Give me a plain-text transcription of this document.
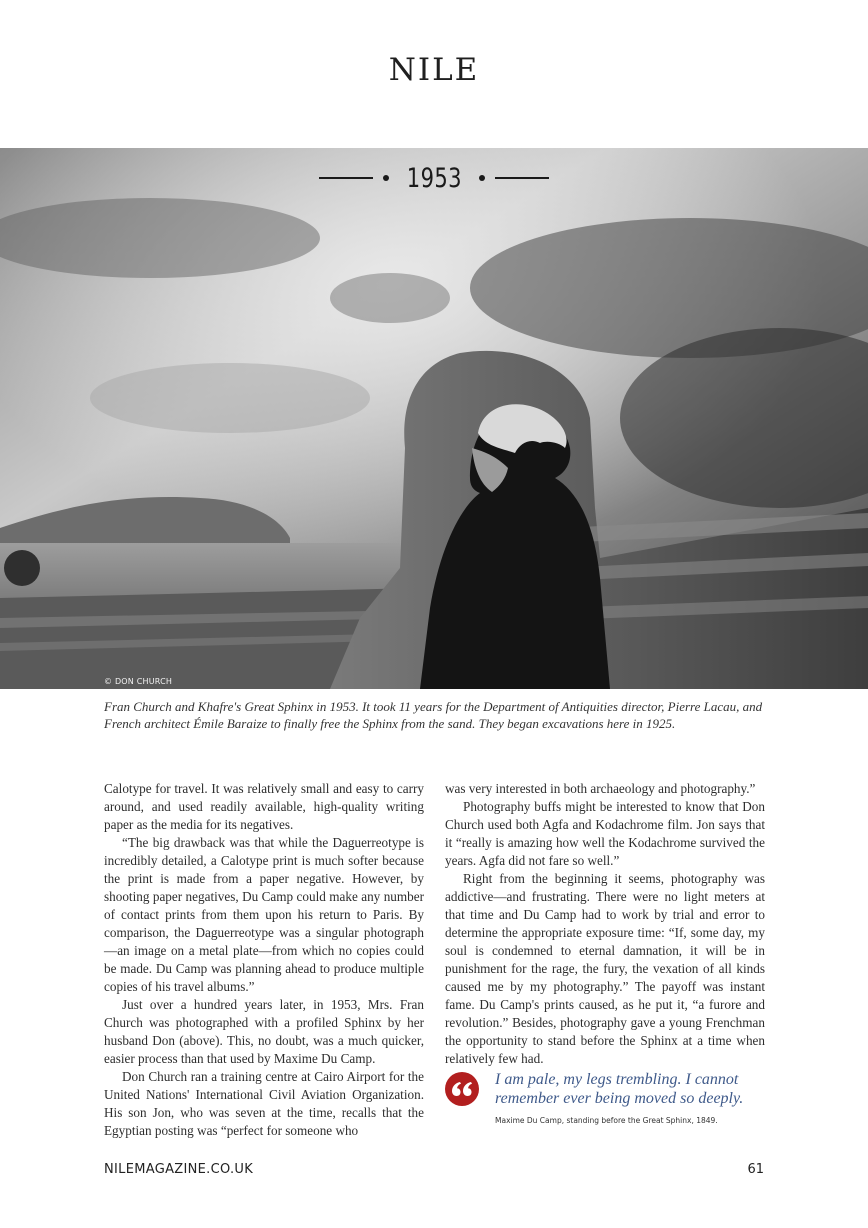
NILE
1953
© DON CHURCH
Fran Church and Khafre's Great Sphinx in 1953. It took 11 years for the Department of Antiquities director, Pierre Lacau, and French architect Émile Baraize to finally free the Sphinx from the sand. They began excavations here in 1925.

Calotype for travel. It was relatively small and easy to carry around, and used readily available, high-quality writing paper as the media for its negatives.

“The big drawback was that while the Daguerreotype is incredibly detailed, a Calotype print is much softer because the print is made from a paper negative. However, by shooting paper negatives, Du Camp could make any number of contact prints from them upon his return to Paris. By comparison, the Daguerreotype was a singular photograph—an image on a metal plate—from which no copies could be made. Du Camp was planning ahead to produce multiple copies of his travel albums.”

Just over a hundred years later, in 1953, Mrs. Fran Church was photographed with a profiled Sphinx by her husband Don (above). This, no doubt, was a much quicker, easier process than that used by Maxime Du Camp.

Don Church ran a training centre at Cairo Airport for the United Nations' International Civil Aviation Organization. His son Jon, who was seven at the time, recalls that the Egyptian posting was “perfect for someone who

was very interested in both archaeology and photography.”

Photography buffs might be interested to know that Don Church used both Agfa and Kodachrome film. Jon says that it “really is amazing how well the Kodachrome survived the years. Agfa did not fare so well.”

Right from the beginning it seems, photography was addictive—and frustrating. There were no light meters at that time and Du Camp had to work by trial and error to determine the appropriate exposure time: “If, some day, my soul is condemned to eternal damnation, it will be in punishment for the rage, the fury, the vexation of all kinds caused me by my photography.” The payoff was instant fame. Du Camp's prints caused, as he put it, “a furore and revolution.” Besides, photography gave a young Frenchman the opportunity to stand before the Sphinx at a time when relatively few had.

I am pale, my legs trembling. I cannot remember ever being moved so deeply.
Maxime Du Camp, standing before the Great Sphinx, 1849.
NILEMAGAZINE.CO.UK	61
